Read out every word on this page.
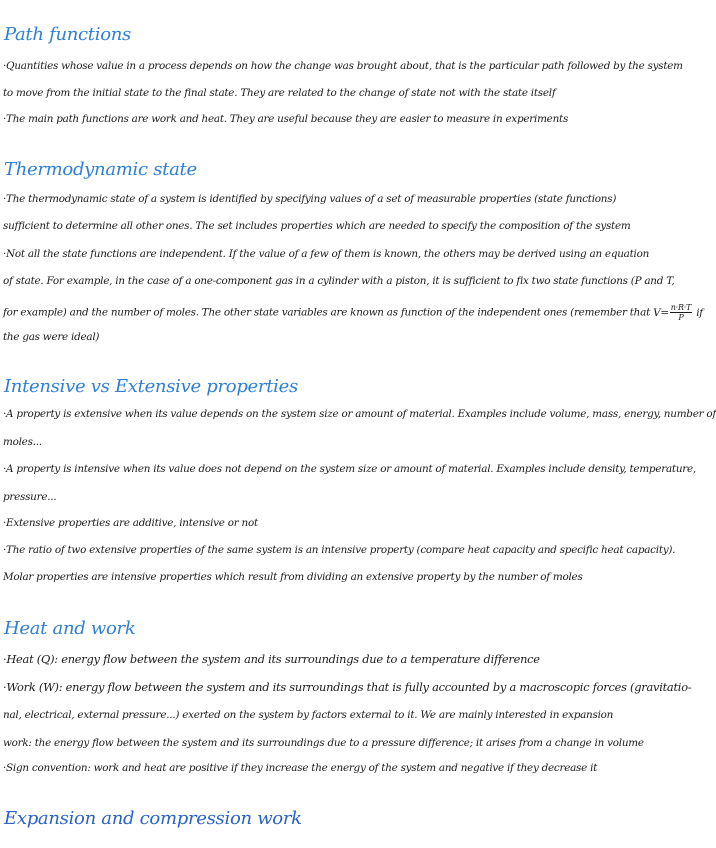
Path functions
·Quantities whose value in a process depends on how the change was brought about, that is the particular path followed by the system
to move from the initial state to the final state. They are related to the change of state not with the state itself
·The main path functions are work and heat. They are useful because they are easier to measure in experiments
Thermodynamic state
·The thermodynamic state of a system is identified by specifying values of a set of measurable properties (state functions)
sufficient to determine all other ones. The set includes properties which are needed to specify the composition of the system
·Not all the state functions are independent. If the value of a few of them is known, the others may be derived using an equation
of state. For example, in the case of a one-component gas in a cylinder with a piston, it is sufficient to fix two state functions (P and T,
for example) and the number of moles. The other state variables are known as function of the independent ones (remember that $V= \frac{n\cdot R\cdot T}{P}$ if
the gas were ideal)
Intensive vs Extensive properties
·A property is extensive when its value depends on the system size or amount of material. Examples include volume, mass, energy, number of
moles...
·A property is intensive when its value does not depend on the system size or amount of material. Examples include density, temperature,
pressure...
·Extensive properties are additive, intensive or not
·The ratio of two extensive properties of the same system is an intensive property (compare heat capacity and specific heat capacity).
Molar properties are intensive properties which result from dividing an extensive property by the number of moles
Heat and work
·Heat (Q): energy flow between the system and its surroundings due to a temperature difference
·Work (W): energy flow between the system and its surroundings that is fully accounted by a macroscopic forces (gravitatio-
nal, electrical, external pressure...) exerted on the system by factors external to it. We are mainly interested in expansion
work: the energy flow between the system and its surroundings due to a pressure difference; it arises from a change in volume
·Sign convention: work and heat are positive if they increase the energy of the system and negative if they decrease it
Expansion and compression work
